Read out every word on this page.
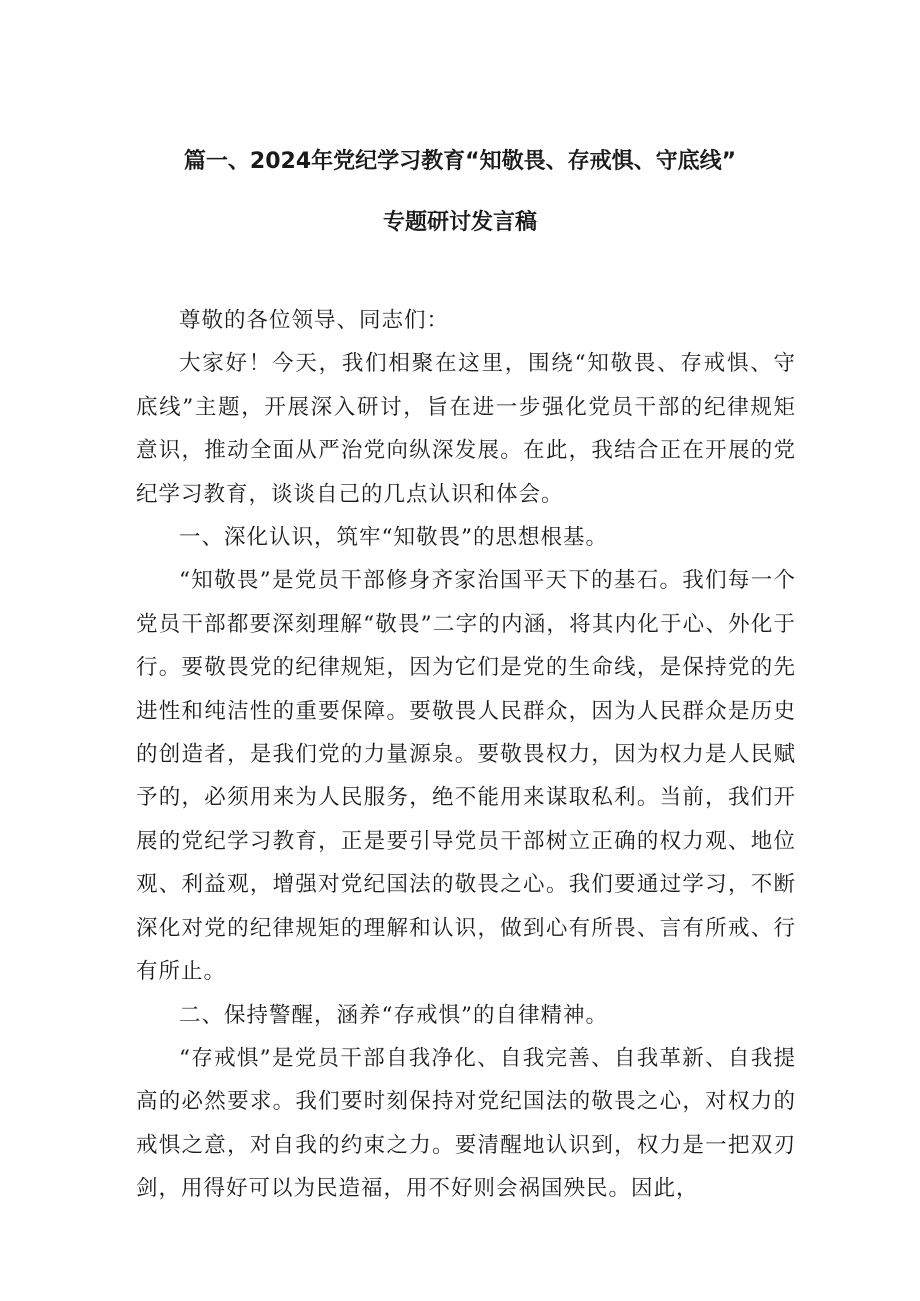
篇一、2024年党纪学习教育“知敬畏、存戒惧、守底线”
专题研讨发言稿

尊敬的各位领导、同志们：

大家好！今天，我们相聚在这里，围绕“知敬畏、存戒惧、守底线”主题，开展深入研讨，旨在进一步强化党员干部的纪律规矩意识，推动全面从严治党向纵深发展。在此，我结合正在开展的党纪学习教育，谈谈自己的几点认识和体会。

一、深化认识，筑牢“知敬畏”的思想根基。

“知敬畏”是党员干部修身齐家治国平天下的基石。我们每一个党员干部都要深刻理解“敬畏”二字的内涵，将其内化于心、外化于行。要敬畏党的纪律规矩，因为它们是党的生命线，是保持党的先进性和纯洁性的重要保障。要敬畏人民群众，因为人民群众是历史的创造者，是我们党的力量源泉。要敬畏权力，因为权力是人民赋予的，必须用来为人民服务，绝不能用来谋取私利。当前，我们开展的党纪学习教育，正是要引导党员干部树立正确的权力观、地位观、利益观，增强对党纪国法的敬畏之心。我们要通过学习，不断深化对党的纪律规矩的理解和认识，做到心有所畏、言有所戒、行有所止。

二、保持警醒，涵养“存戒惧”的自律精神。

“存戒惧”是党员干部自我净化、自我完善、自我革新、自我提高的必然要求。我们要时刻保持对党纪国法的敬畏之心，对权力的戒惧之意，对自我的约束之力。要清醒地认识到，权力是一把双刃剑，用得好可以为民造福，用不好则会祸国殃民。因此，
